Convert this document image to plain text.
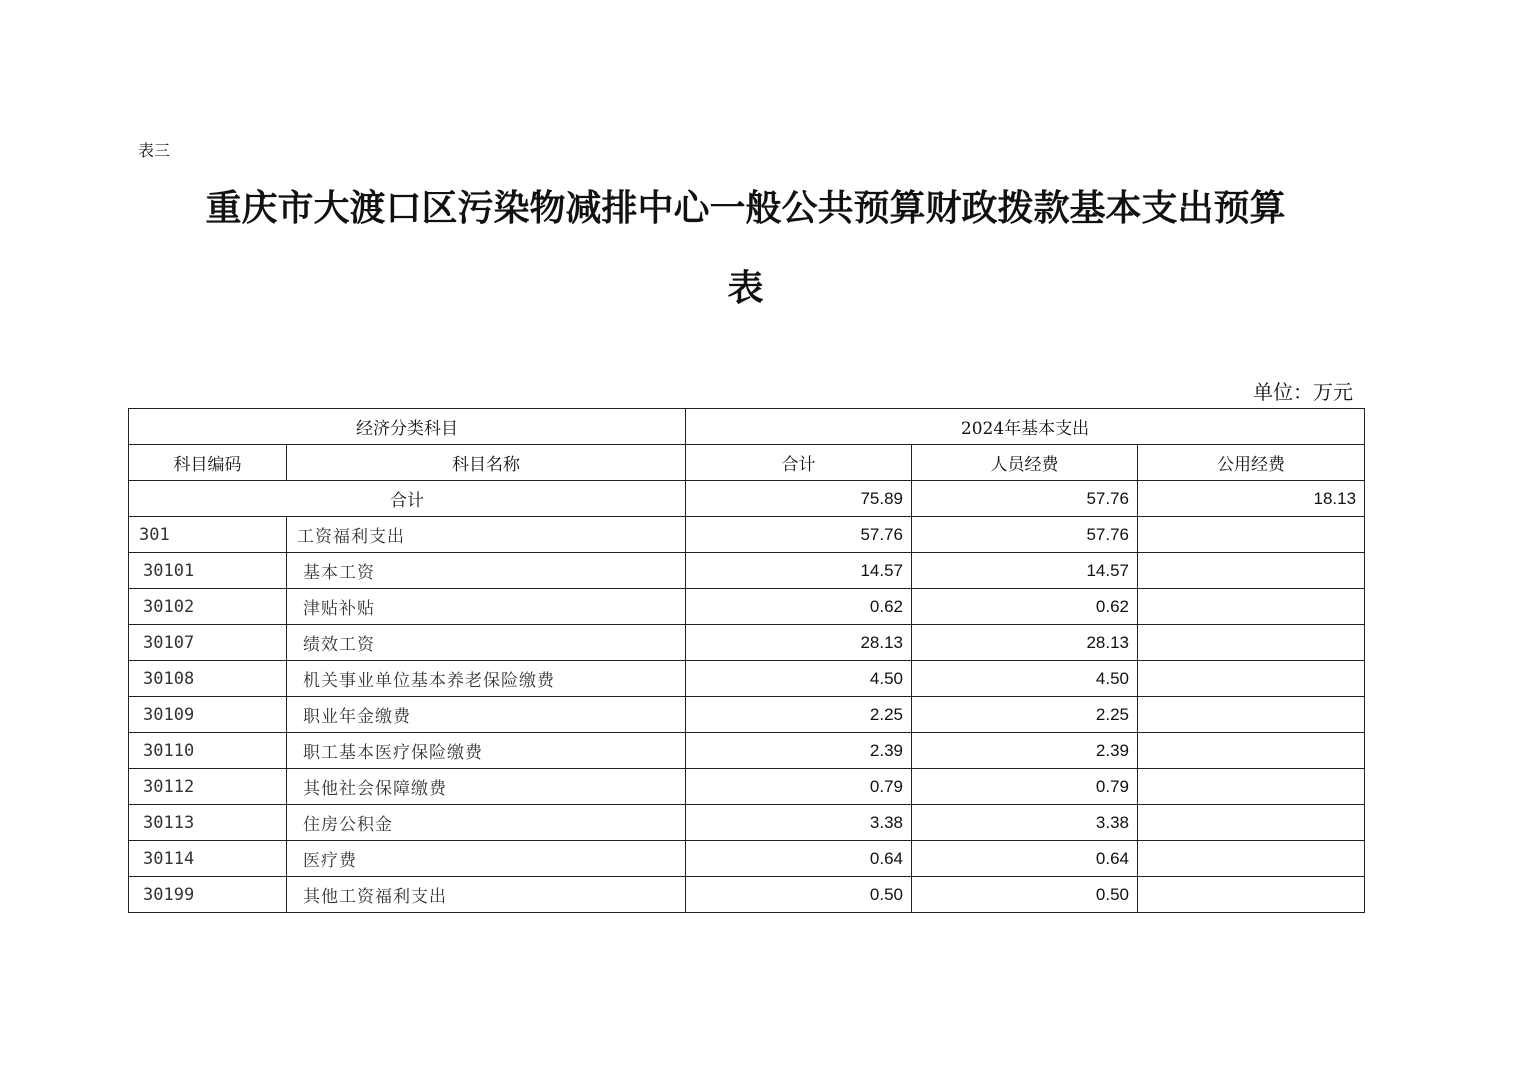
表三
重庆市大渡口区污染物减排中心一般公共预算财政拨款基本支出预算
表
单位：万元
经济分类科目		2024年基本支出		
科目编码	科目名称	合计	人员经费	公用经费
合计		75.89	57.76	18.13
301	工资福利支出	57.76	57.76	
30101	基本工资	14.57	14.57	
30102	津贴补贴	0.62	0.62	
30107	绩效工资	28.13	28.13	
30108	机关事业单位基本养老保险缴费	4.50	4.50	
30109	职业年金缴费	2.25	2.25	
30110	职工基本医疗保险缴费	2.39	2.39	
30112	其他社会保障缴费	0.79	0.79	
30113	住房公积金	3.38	3.38	
30114	医疗费	0.64	0.64	
30199	其他工资福利支出	0.50	0.50	
